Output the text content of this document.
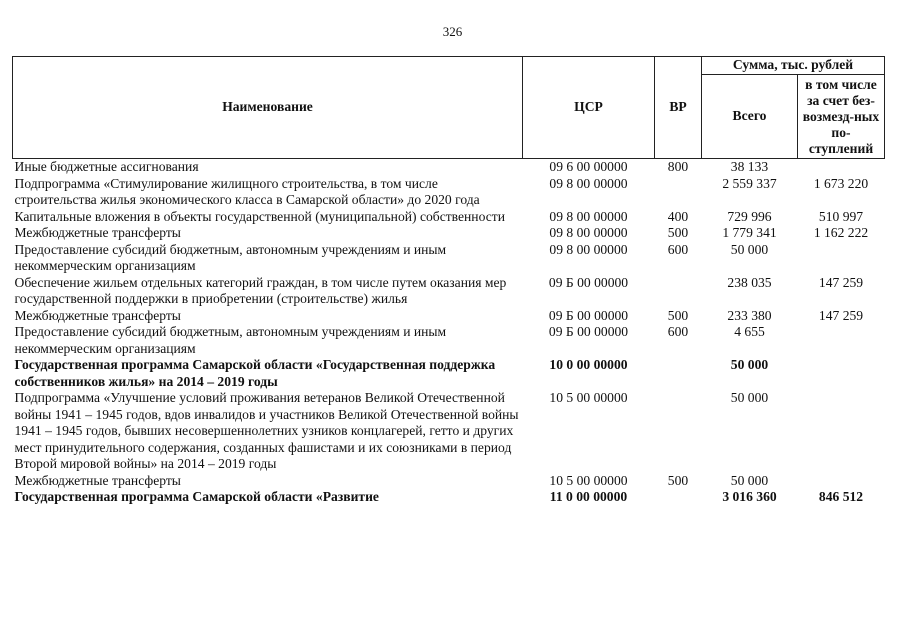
326
Наименование	ЦСР	ВР	Сумма, тыс. рублей	
			Всего	в том числе за счет без-возмезд-ных по-ступлений
Иные бюджетные ассигнования	09 6 00 00000	800	38 133	
Подпрограмма «Стимулирование жилищного строительства, в том числе строительства жилья экономического класса в Самарской области» до 2020 года	09 8 00 00000		2 559 337	1 673 220
Капитальные вложения в объекты государственной (муниципальной) собственности	09 8 00 00000	400	729 996	510 997
Межбюджетные трансферты	09 8 00 00000	500	1 779 341	1 162 222
Предоставление субсидий бюджетным, автономным учреждениям и иным некоммерческим организациям	09 8 00 00000	600	50 000	
Обеспечение жильем отдельных категорий граждан, в том числе путем оказания мер государственной поддержки в приобретении (строительстве) жилья	09 Б 00 00000		238 035	147 259
Межбюджетные трансферты	09 Б 00 00000	500	233 380	147 259
Предоставление субсидий бюджетным, автономным учреждениям и иным некоммерческим организациям	09 Б 00 00000	600	4 655	
Государственная программа Самарской области «Государственная поддержка собственников жилья» на 2014 – 2019 годы	10 0 00 00000		50 000	
Подпрограмма «Улучшение условий проживания ветеранов Великой Отечественной войны 1941 – 1945 годов, вдов инвалидов и участников Великой Отечественной войны 1941 – 1945 годов, бывших несовершеннолетних узников концлагерей, гетто и других мест принудительного содержания, созданных фашистами и их союзниками в период Второй мировой войны» на 2014 – 2019 годы	10 5 00 00000		50 000	
Межбюджетные трансферты	10 5 00 00000	500	50 000	
Государственная программа Самарской области «Развитие	11 0 00 00000		3 016 360	846 512
